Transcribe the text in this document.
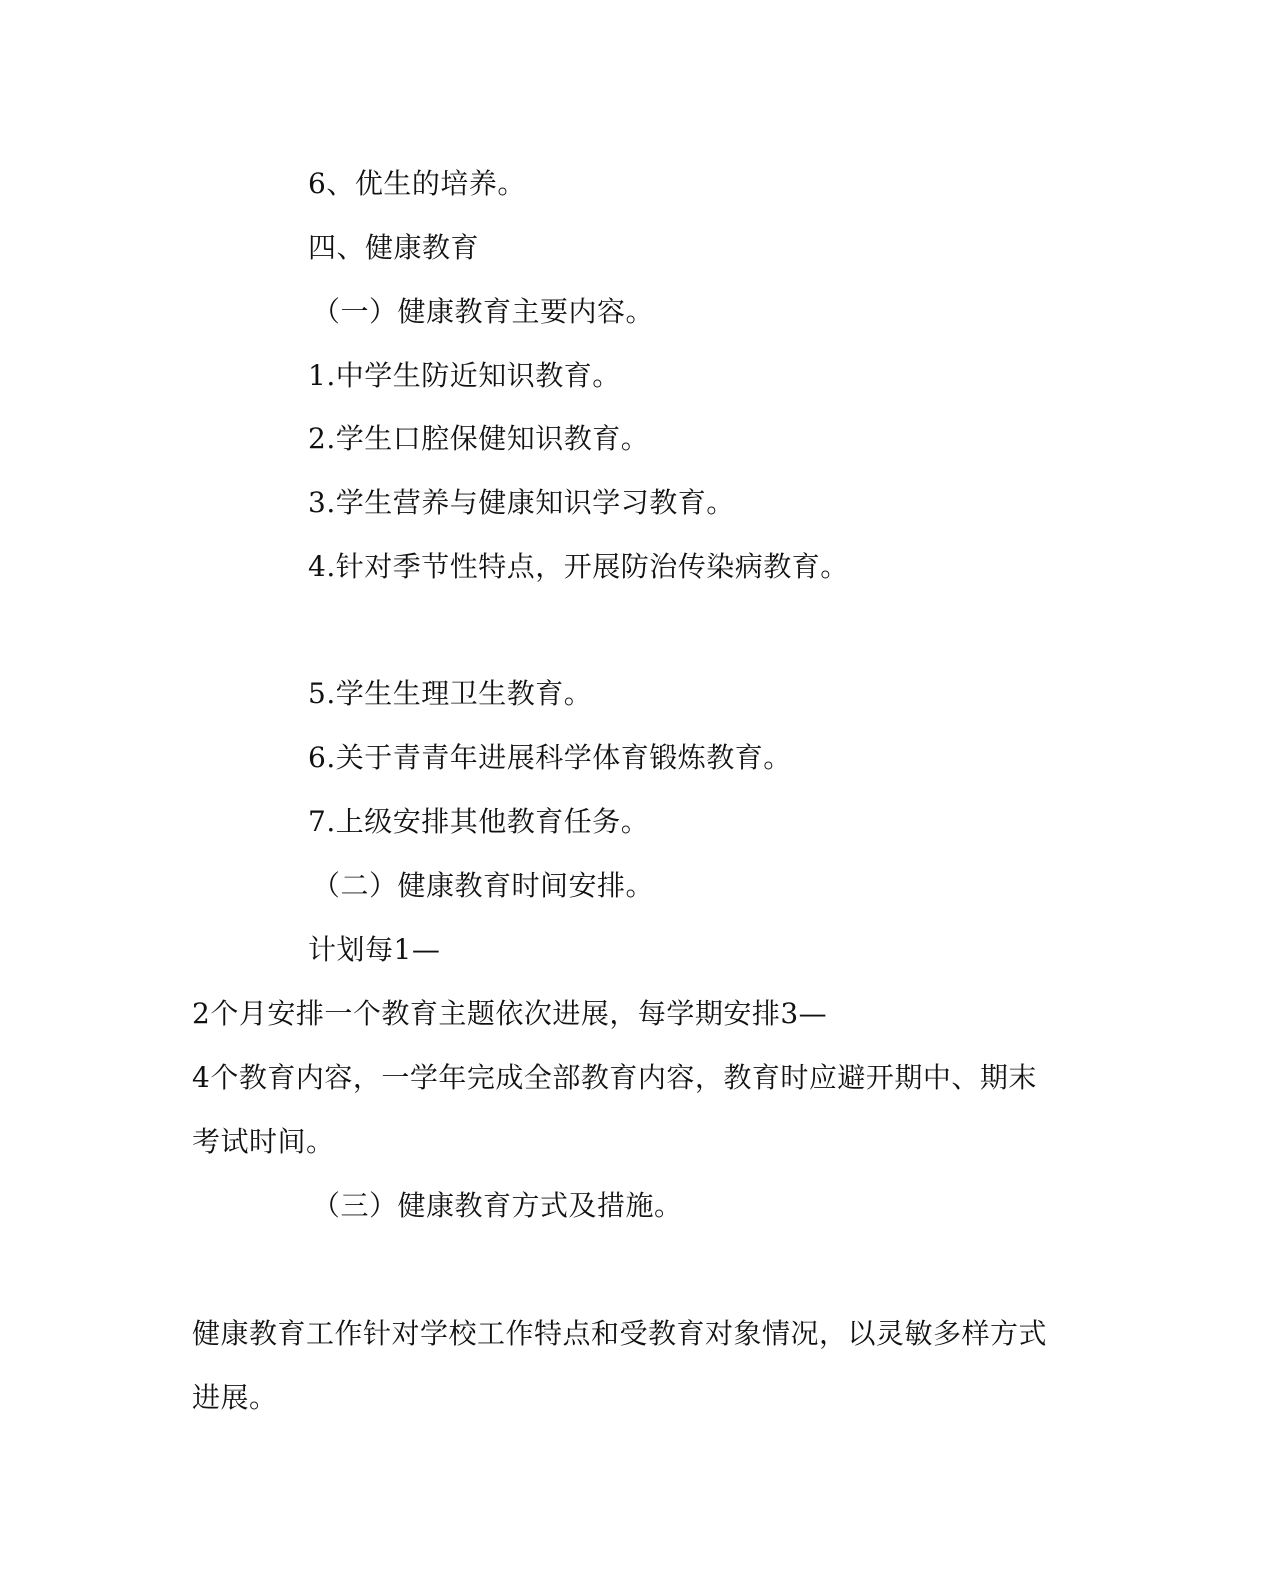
6、优生的培养。

四、健康教育

（一）健康教育主要内容。

1.中学生防近知识教育。

2.学生口腔保健知识教育。

3.学生营养与健康知识学习教育。

4.针对季节性特点，开展防治传染病教育。

5.学生生理卫生教育。

6.关于青青年进展科学体育锻炼教育。

7.上级安排其他教育任务。

（二）健康教育时间安排。

计划每1—

2个月安排一个教育主题依次进展，每学期安排3—

4个教育内容，一学年完成全部教育内容，教育时应避开期中、期末

考试时间。

（三）健康教育方式及措施。

健康教育工作针对学校工作特点和受教育对象情况，以灵敏多样方式

进展。
